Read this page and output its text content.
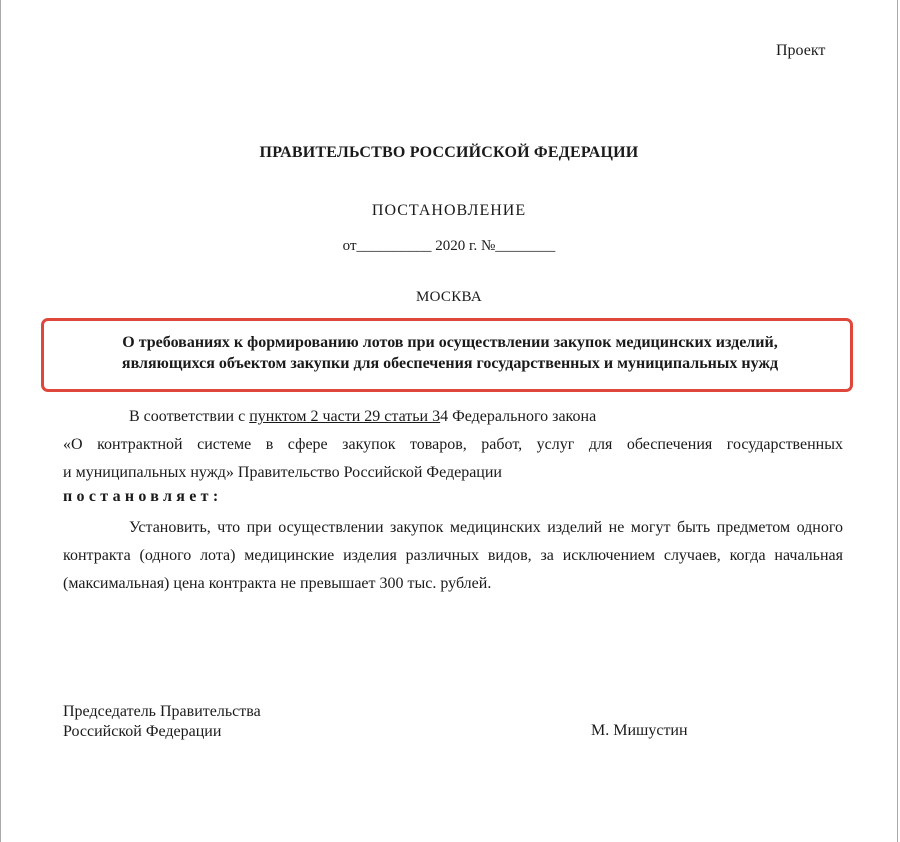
Проект
ПРАВИТЕЛЬСТВО РОССИЙСКОЙ ФЕДЕРАЦИИ
ПОСТАНОВЛЕНИЕ
от__________ 2020 г. №________
МОСКВА
О требованиях к формированию лотов при осуществлении закупок медицинских изделий,
являющихся объектом закупки для обеспечения государственных и муниципальных нужд
В соответствии с пунктом 2 части 29 статьи 34 Федерального закона
«О контрактной системе в сфере закупок товаров, работ, услуг для обеспечения государственных
и муниципальных нужд» Правительство Российской Федерации
постановляет:
Установить, что при осуществлении закупок медицинских изделий не могут быть предметом одного контракта (одного лота) медицинские изделия различных видов, за исключением случаев, когда начальная (максимальная) цена контракта не превышает 300 тыс. рублей.
Председатель Правительства
Российской Федерации	М. Мишустин
